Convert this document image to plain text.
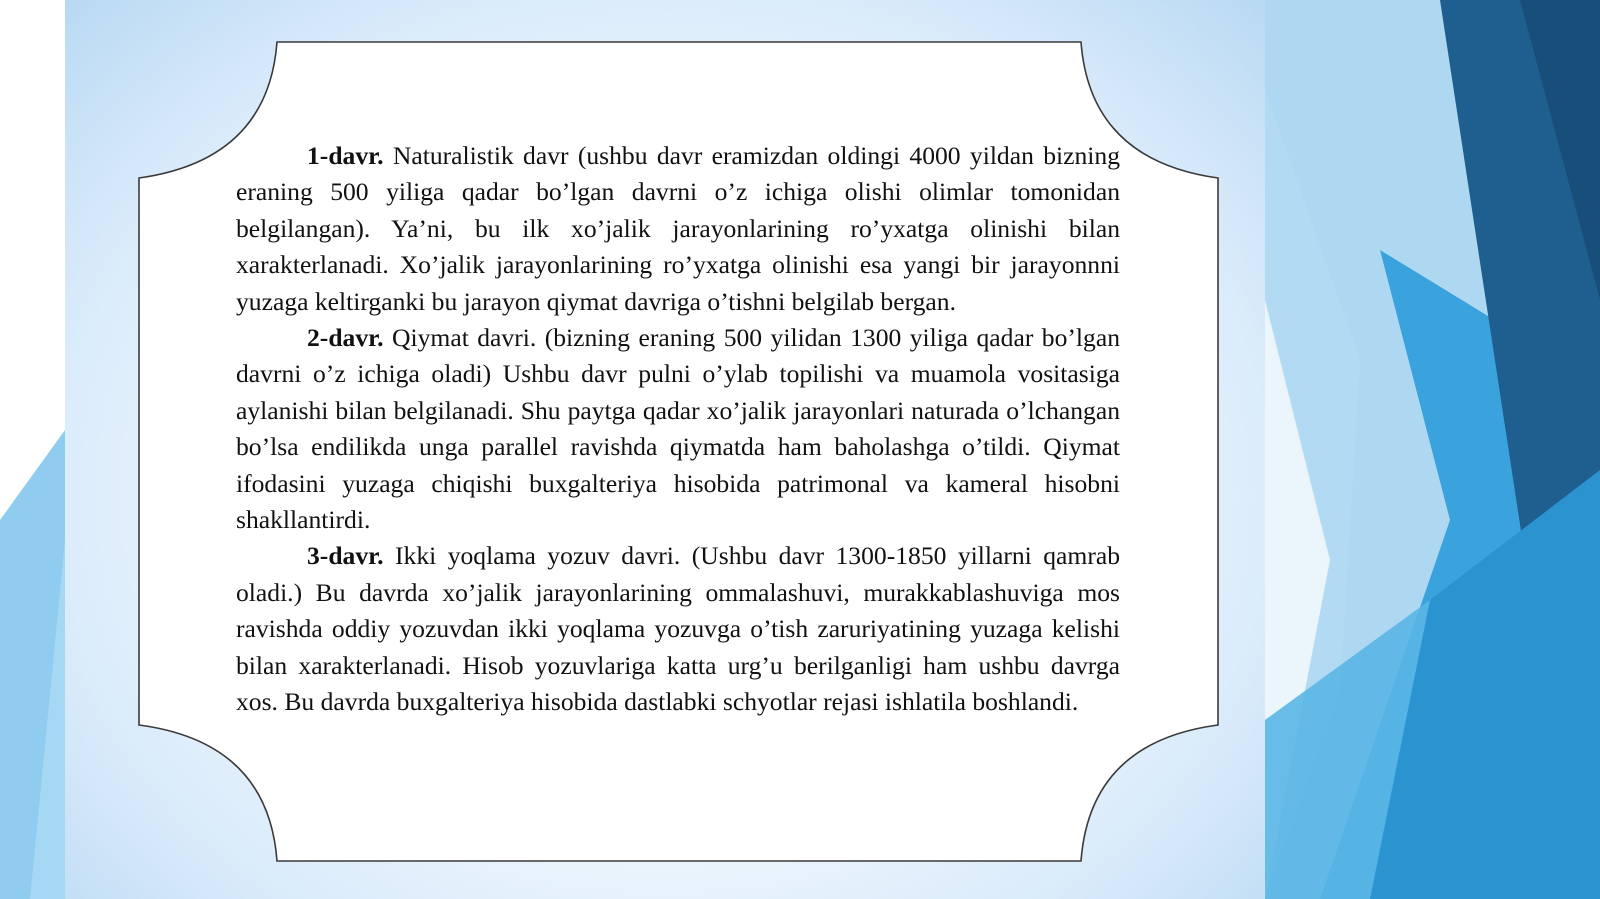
1-davr. Naturalistik davr (ushbu davr eramizdan oldingi 4000 yildan bizning eraning 500 yiliga qadar bo’lgan davrni o’z ichiga olishi olimlar tomonidan belgilangan). Ya’ni, bu ilk xo’jalik jarayonlarining ro’yxatga olinishi bilan xarakterlanadi. Xo’jalik jarayonlarining ro’yxatga olinishi esa yangi bir jarayonnni yuzaga keltirganki bu jarayon qiymat davriga o’tishni belgilab bergan.

2-davr. Qiymat davri. (bizning eraning 500 yilidan 1300 yiliga qadar bo’lgan davrni o’z ichiga oladi) Ushbu davr pulni o’ylab topilishi va muamola vositasiga aylanishi bilan belgilanadi. Shu paytga qadar xo’jalik jarayonlari naturada o’lchangan bo’lsa endilikda unga parallel ravishda qiymatda ham baholashga o’tildi. Qiymat ifodasini yuzaga chiqishi buxgalteriya hisobida patrimonal va kameral hisobni shakllantirdi.

3-davr. Ikki yoqlama yozuv davri. (Ushbu davr 1300-1850 yillarni qamrab oladi.) Bu davrda xo’jalik jarayonlarining ommalashuvi, murakkablashuviga mos ravishda oddiy yozuvdan ikki yoqlama yozuvga o’tish zaruriyatining yuzaga kelishi bilan xarakterlanadi. Hisob yozuvlariga katta urg’u berilganligi ham ushbu davrga xos. Bu davrda buxgalteriya hisobida dastlabki schyotlar rejasi ishlatila boshlandi.
